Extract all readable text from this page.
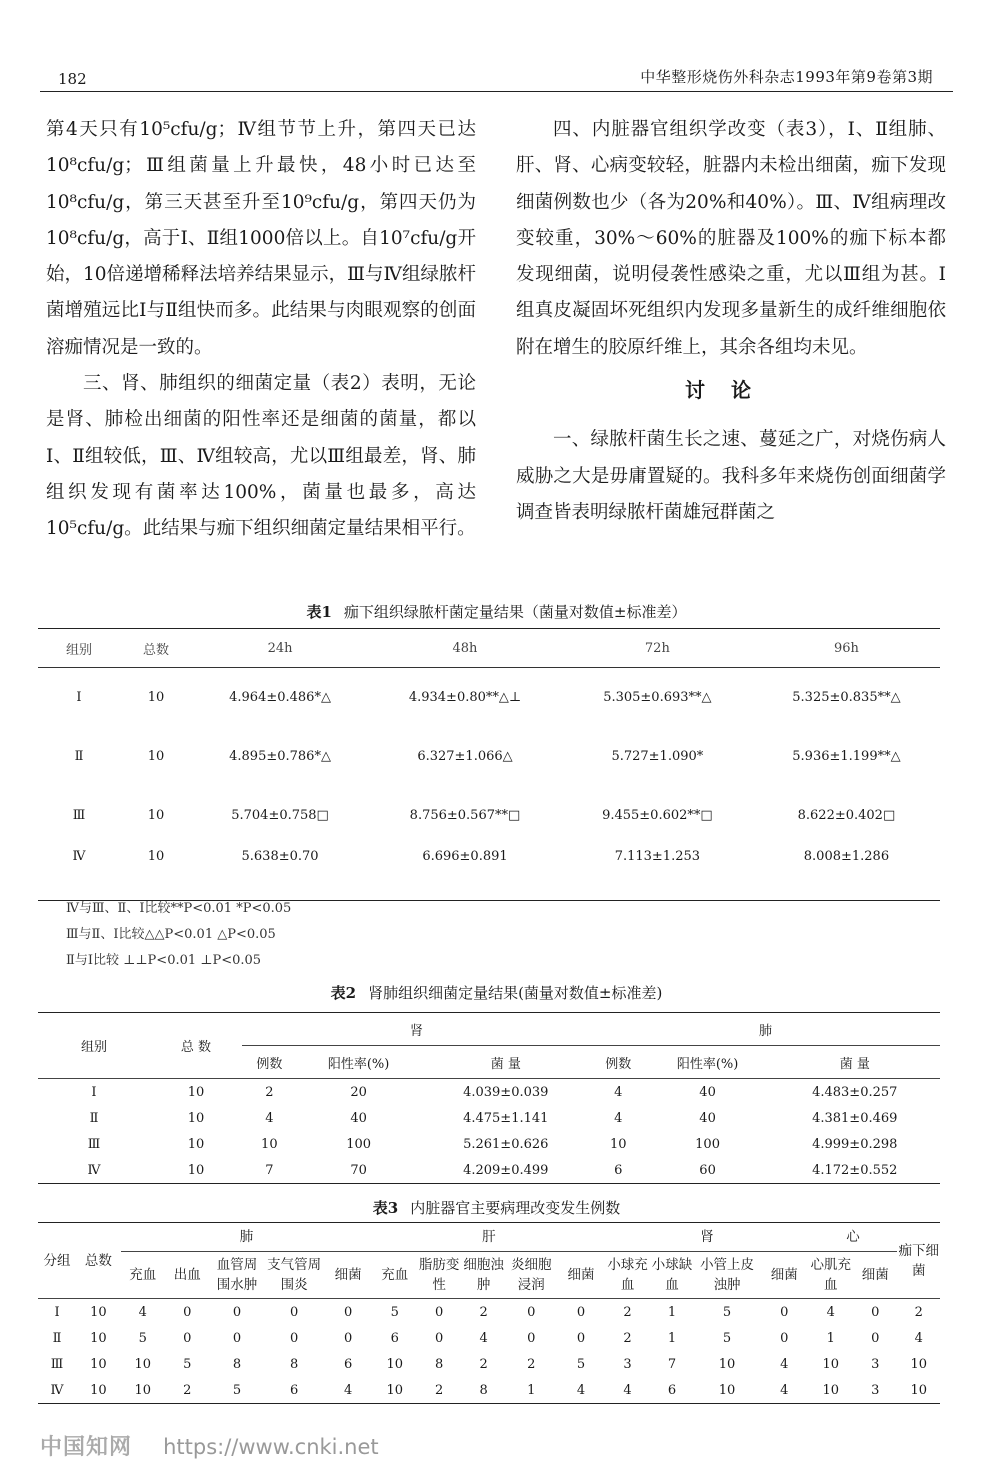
182	中华整形烧伤外科杂志1993年第9卷第3期

第4天只有10⁵cfu/g；Ⅳ组节节上升，第四天已达10⁸cfu/g；Ⅲ组菌量上升最快，48小时已达至10⁸cfu/g，第三天甚至升至10⁹cfu/g，第四天仍为10⁸cfu/g，高于Ⅰ、Ⅱ组1000倍以上。自10⁷cfu/g开始，10倍递增稀释法培养结果显示，Ⅲ与Ⅳ组绿脓杆菌增殖远比Ⅰ与Ⅱ组快而多。此结果与肉眼观察的创面溶痂情况是一致的。

三、肾、肺组织的细菌定量（表2）表明，无论是肾、肺检出细菌的阳性率还是细菌的菌量，都以Ⅰ、Ⅱ组较低，Ⅲ、Ⅳ组较高，尤以Ⅲ组最差，肾、肺组织发现有菌率达100%，菌量也最多，高达10⁵cfu/g。此结果与痂下组织细菌定量结果相平行。

四、内脏器官组织学改变（表3），Ⅰ、Ⅱ组肺、肝、肾、心病变较轻，脏器内未检出细菌，痂下发现细菌例数也少（各为20%和40%）。Ⅲ、Ⅳ组病理改变较重，30%～60%的脏器及100%的痂下标本都发现细菌，说明侵袭性感染之重，尤以Ⅲ组为甚。Ⅰ组真皮凝固坏死组织内发现多量新生的成纤维细胞依附在增生的胶原纤维上，其余各组均未见。

讨论

一、绿脓杆菌生长之速、蔓延之广，对烧伤病人威胁之大是毋庸置疑的。我科多年来烧伤创面细菌学调查皆表明绿脓杆菌雄冠群菌之

表1 痂下组织绿脓杆菌定量结果（菌量对数值±标准差）
组别	总数	24h	48h	72h	96h
Ⅰ	10	4.964±0.486*△	4.934±0.80**△⊥	5.305±0.693**△	5.325±0.835**△
Ⅱ	10	4.895±0.786*△	6.327±1.066△	5.727±1.090*	5.936±1.199**△
Ⅲ	10	5.704±0.758□	8.756±0.567**□	9.455±0.602**□	8.622±0.402□
Ⅳ	10	5.638±0.70	6.696±0.891	7.113±1.253	8.008±1.286
Ⅳ与Ⅲ、Ⅱ、Ⅰ比较**P<0.01 *P<0.05
Ⅲ与Ⅱ、Ⅰ比较△△P<0.01 △P<0.05
Ⅱ与Ⅰ比较 ⊥⊥P<0.01 ⊥P<0.05
表2 肾肺组织细菌定量结果(菌量对数值±标准差)
组别	总 数	肾			肺		
		例数	阳性率(%)	菌 量	例数	阳性率(%)	菌 量
Ⅰ	10	2	20	4.039±0.039	4	40	4.483±0.257
Ⅱ	10	4	40	4.475±1.141	4	40	4.381±0.469
Ⅲ	10	10	100	5.261±0.626	10	100	4.999±0.298
Ⅳ	10	7	70	4.209±0.499	6	60	4.172±0.552
表3 内脏器官主要病理改变发生例数
分组	总数	肺					肝					肾				心		痂下细菌
		充血	出血	血管周围水肿	支气管周围炎	细菌	充血	脂肪变性	细胞浊肿	炎细胞浸润	细菌	小球充血	小球缺血	小管上皮浊肿	细菌	心肌充血	细菌	
Ⅰ	10	4	0	0	0	0	5	0	2	0	0	2	1	5	0	4	0	2
Ⅱ	10	5	0	0	0	0	6	0	4	0	0	2	1	5	0	1	0	4
Ⅲ	10	10	5	8	8	6	10	8	2	2	5	3	7	10	4	10	3	10
Ⅳ	10	10	2	5	6	4	10	2	8	1	4	4	6	10	4	10	3	10
中国知网 https://www.cnki.net
